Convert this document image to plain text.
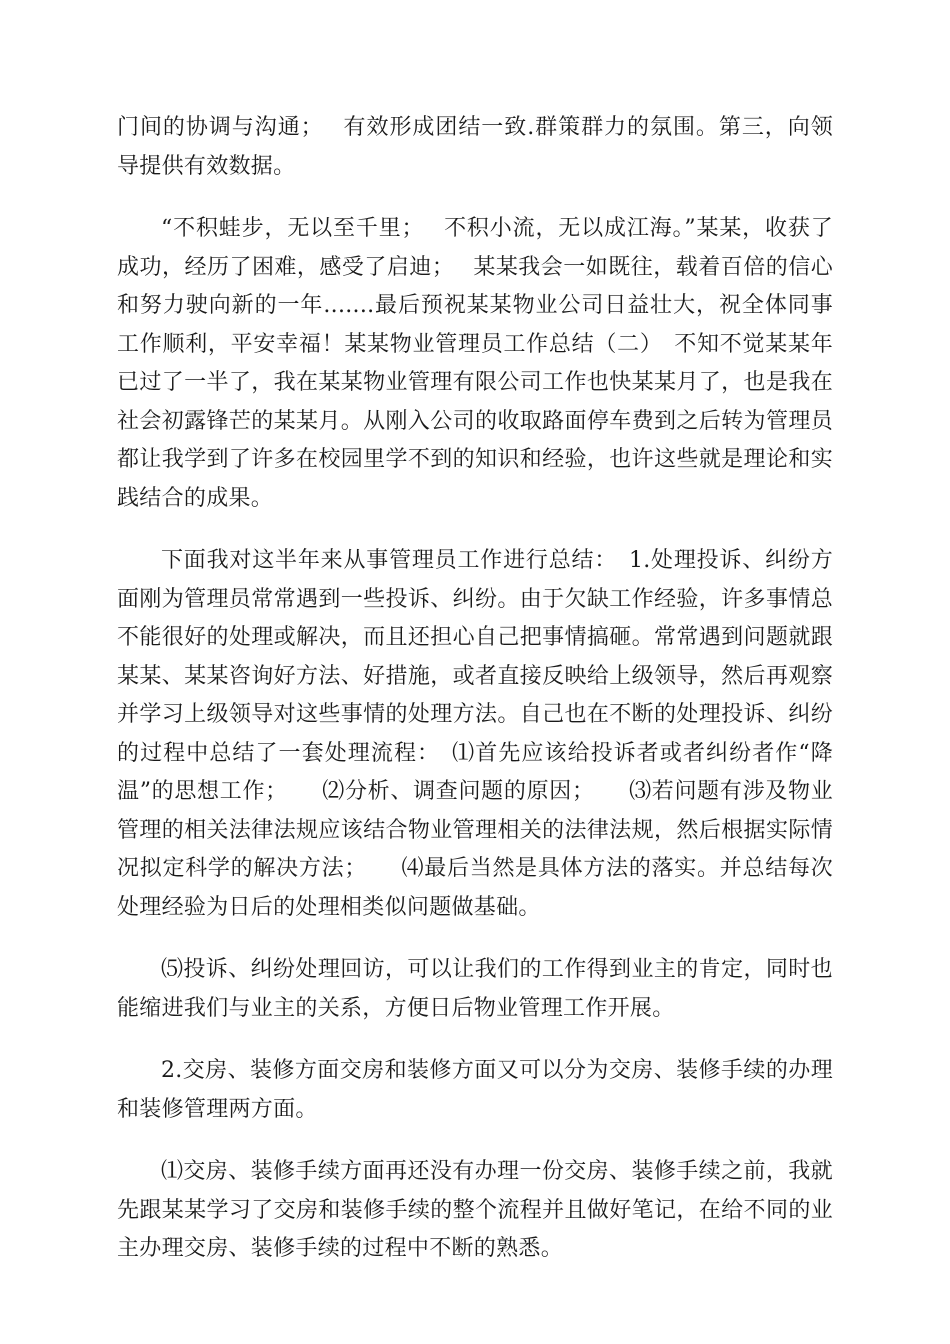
门间的协调与沟通；　 有效形成团结一致.群策群力的氛围。第三，向领导提供有效数据。

“不积蛙步，无以至千里；　 不积小流，无以成江海。”某某，收获了成功，经历了困难，感受了启迪；　 某某我会一如既往，载着百倍的信心和努力驶向新的一年.......最后预祝某某物业公司日益壮大，祝全体同事工作顺利，平安幸福！某某物业管理员工作总结（二）　不知不觉某某年已过了一半了，我在某某物业管理有限公司工作也快某某月了，也是我在社会初露锋芒的某某月。从刚入公司的收取路面停车费到之后转为管理员都让我学到了许多在校园里学不到的知识和经验，也许这些就是理论和实践结合的成果。

下面我对这半年来从事管理员工作进行总结：　1.处理投诉、纠纷方面刚为管理员常常遇到一些投诉、纠纷。由于欠缺工作经验，许多事情总不能很好的处理或解决，而且还担心自己把事情搞砸。常常遇到问题就跟某某、某某咨询好方法、好措施，或者直接反映给上级领导，然后再观察并学习上级领导对这些事情的处理方法。自己也在不断的处理投诉、纠纷的过程中总结了一套处理流程：　⑴首先应该给投诉者或者纠纷者作“降温”的思想工作；　　⑵分析、调查问题的原因；　　⑶若问题有涉及物业管理的相关法律法规应该结合物业管理相关的法律法规，然后根据实际情况拟定科学的解决方法；　　⑷最后当然是具体方法的落实。并总结每次处理经验为日后的处理相类似问题做基础。

⑸投诉、纠纷处理回访，可以让我们的工作得到业主的肯定，同时也能缩进我们与业主的关系，方便日后物业管理工作开展。

2.交房、装修方面交房和装修方面又可以分为交房、装修手续的办理和装修管理两方面。

⑴交房、装修手续方面再还没有办理一份交房、装修手续之前，我就先跟某某学习了交房和装修手续的整个流程并且做好笔记，在给不同的业主办理交房、装修手续的过程中不断的熟悉。
